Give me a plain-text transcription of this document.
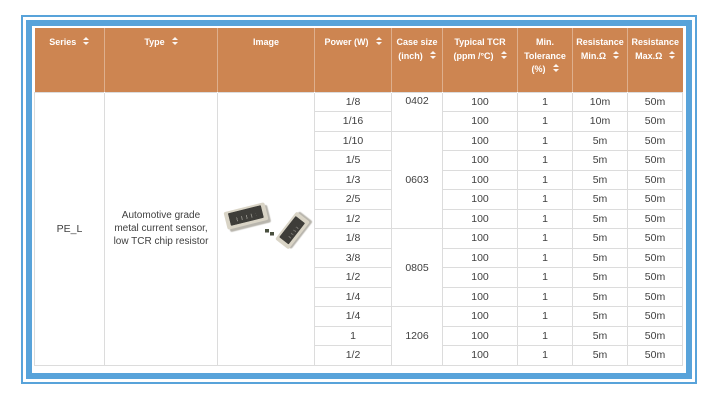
Series	Type	Image	Power (W)	Case size (inch)	Typical TCR (ppm /°C)	Min. Tolerance (%)	Resistance Min.Ω	Resistance Max.Ω

PE_L	Automotive grade metal current sensor, low TCR chip resistor		1/8	0402	100	1	10m	50m
			1/16		100	1	10m	50m
			1/10	0603	100	1	5m	50m
			1/5		100	1	5m	50m
			1/3		100	1	5m	50m
			2/5		100	1	5m	50m
			1/2		100	1	5m	50m
			1/8	0805	100	1	5m	50m
			3/8		100	1	5m	50m
			1/2		100	1	5m	50m
			1/4		100	1	5m	50m
			1/4	1206	100	1	5m	50m
			1		100	1	5m	50m
			1/2		100	1	5m	50m
